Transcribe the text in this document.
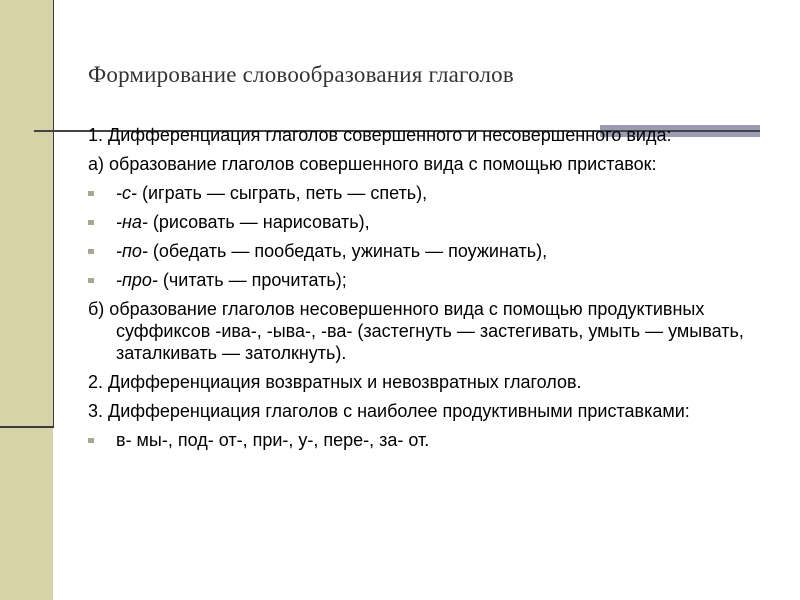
Формирование словообразования глаголов
1. Дифференциация глаголов совершенного и несовершенного вида:
а) образование глаголов совершенного вида с помощью приставок:
-с- (играть — сыграть, петь — спеть),
-на- (рисовать — нарисовать),
-по- (обедать — пообедать, ужинать — поужинать),
-про- (читать — прочитать);
б) образование глаголов несовершенного вида с помощью продуктивных суффиксов -ива-, -ыва-, -ва- (застегнуть — застегивать, умыть — умывать, заталкивать — затолкнуть).
2. Дифференциация возвратных и невозвратных глаголов.
3. Дифференциация глаголов с наиболее продуктивными приставками:
в- мы-, под- от-, при-, у-, пере-, за- от.
